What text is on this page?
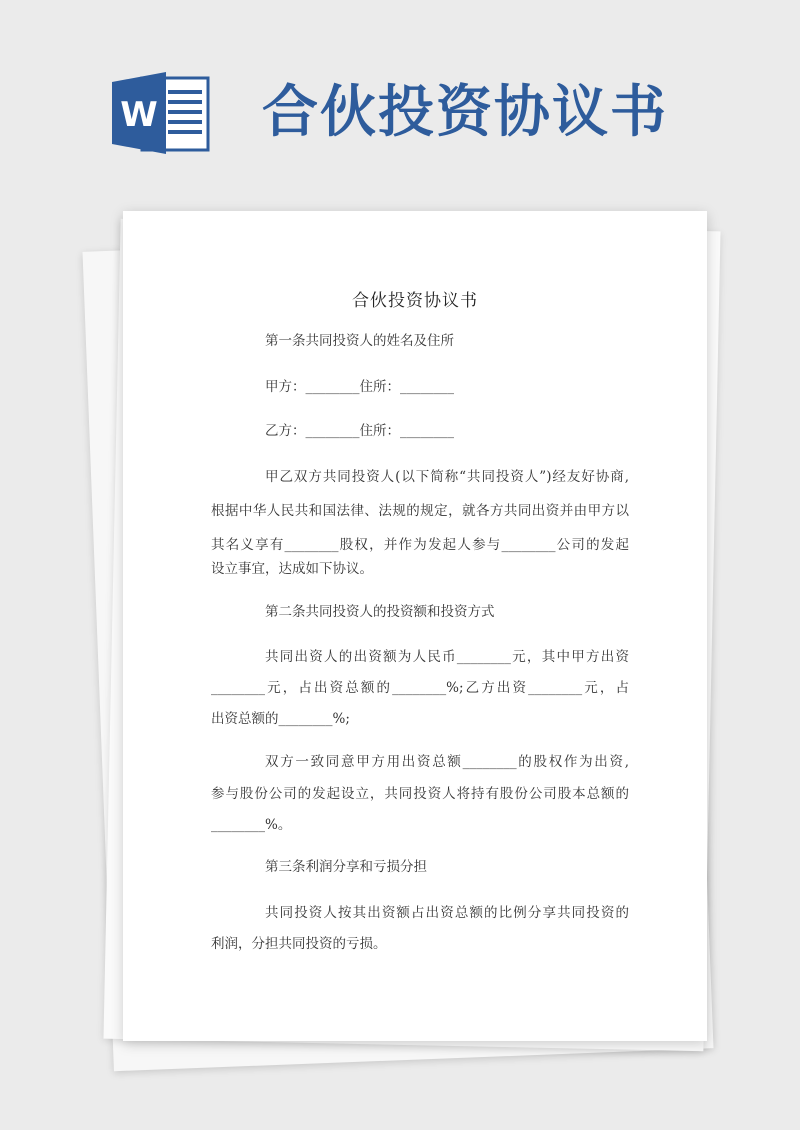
W 合伙投资协议书
合伙投资协议书
第一条共同投资人的姓名及住所
甲方：________住所：________
乙方：________住所：________
甲乙双方共同投资人(以下简称“共同投资人”)经友好协商,
根据中华人民共和国法律、法规的规定，就各方共同出资并由甲方以
其名义享有________股权，并作为发起人参与________公司的发起
设立事宜，达成如下协议。
第二条共同投资人的投资额和投资方式
共同出资人的出资额为人民币________元，其中甲方出资
________元，占出资总额的________%;乙方出资________元，占
出资总额的________%;
双方一致同意甲方用出资总额________的股权作为出资,
参与股份公司的发起设立，共同投资人将持有股份公司股本总额的
________%。
第三条利润分享和亏损分担
共同投资人按其出资额占出资总额的比例分享共同投资的
利润，分担共同投资的亏损。
